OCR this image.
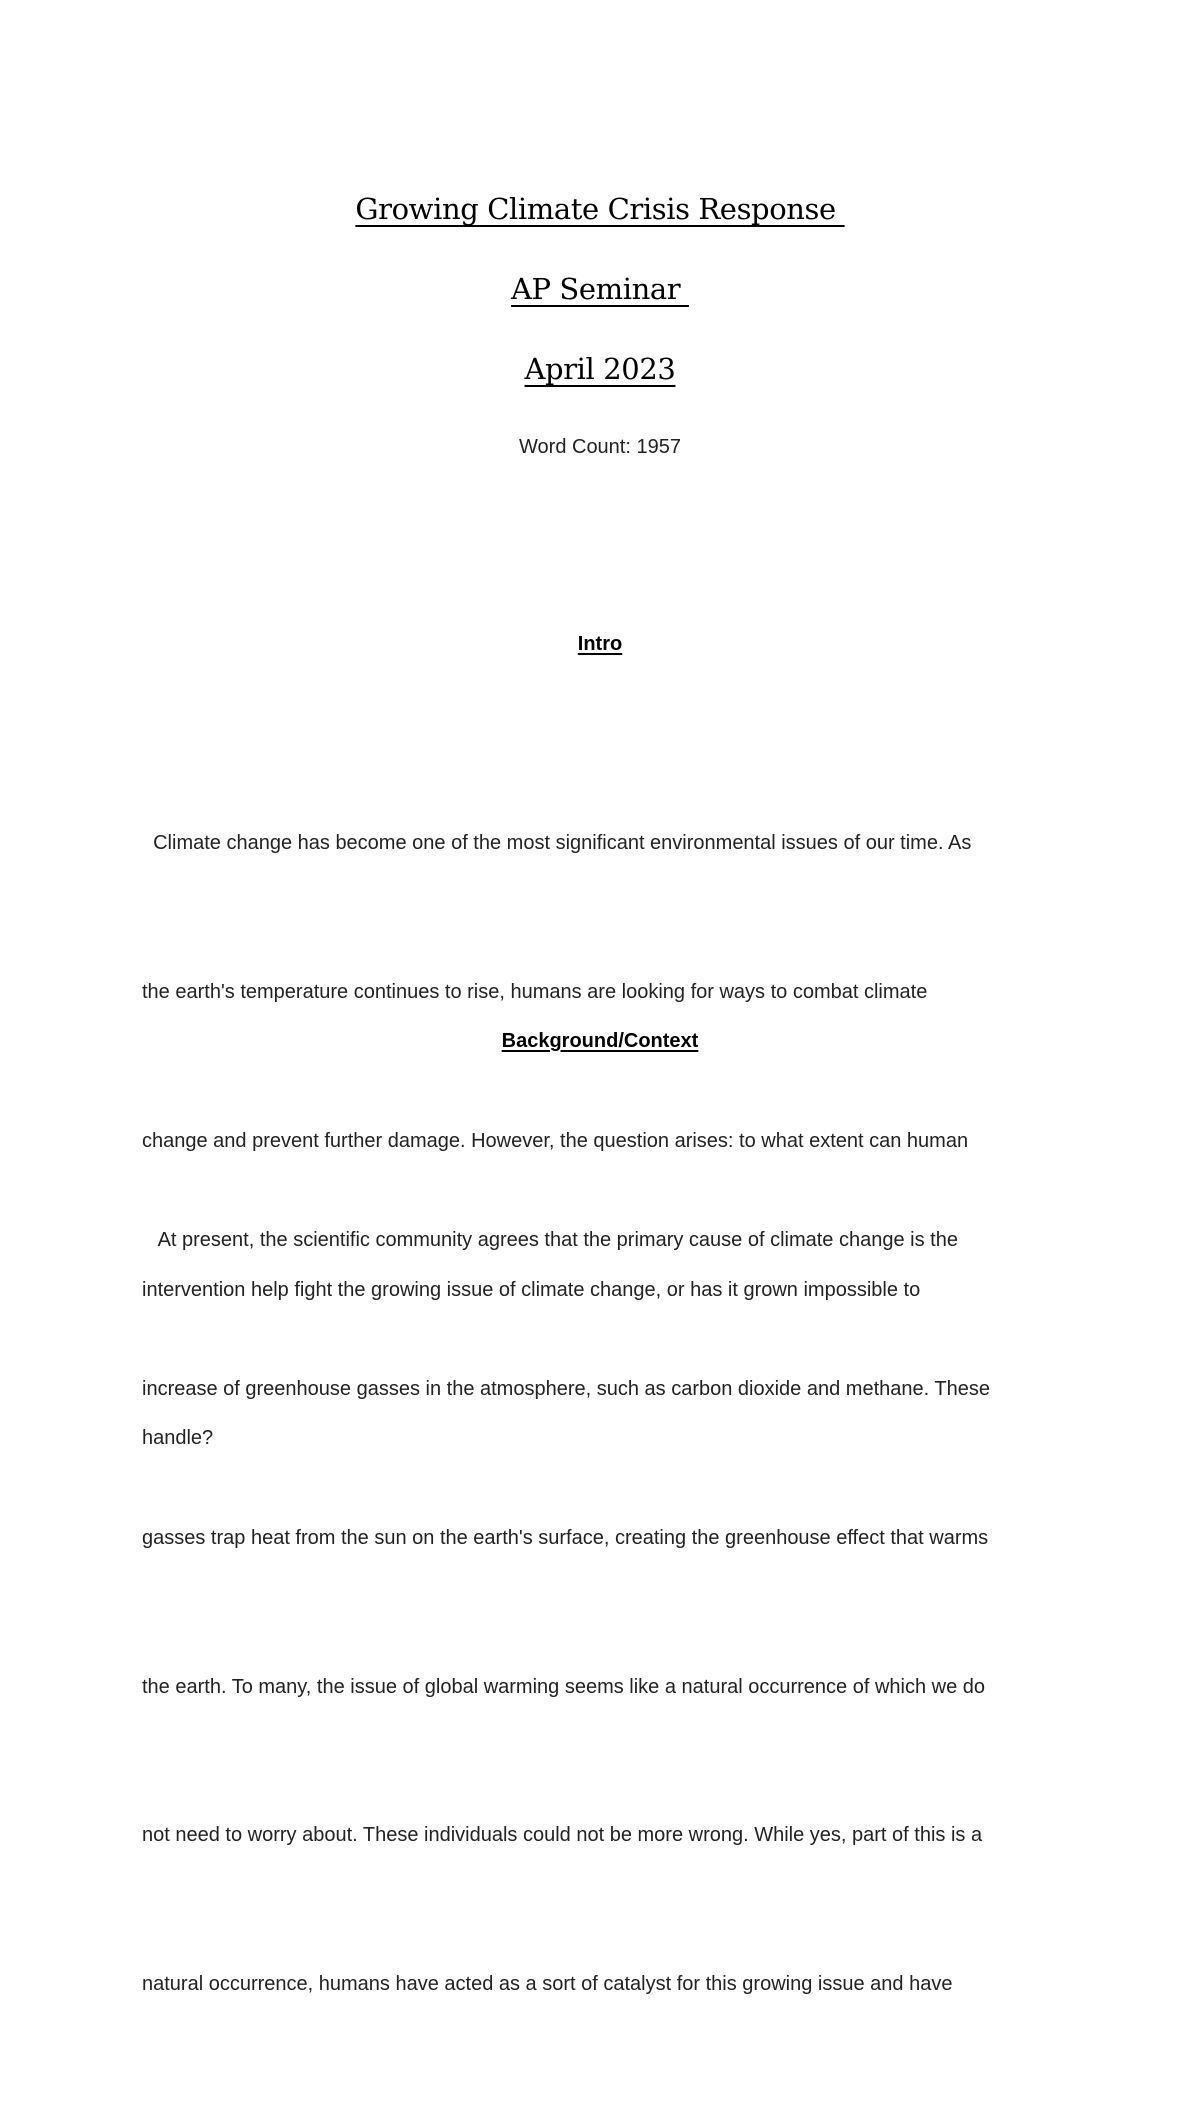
Growing Climate Crisis Response
AP Seminar
April 2023
Word Count: 1957
Intro

Climate change has become one of the most significant environmental issues of our time. As

the earth's temperature continues to rise, humans are looking for ways to combat climate

change and prevent further damage. However, the question arises: to what extent can human

intervention help fight the growing issue of climate change, or has it grown impossible to

handle?

Background/Context

At present, the scientific community agrees that the primary cause of climate change is the

increase of greenhouse gasses in the atmosphere, such as carbon dioxide and methane. These

gasses trap heat from the sun on the earth's surface, creating the greenhouse effect that warms

the earth. To many, the issue of global warming seems like a natural occurrence of which we do

not need to worry about. These individuals could not be more wrong. While yes, part of this is a

natural occurrence, humans have acted as a sort of catalyst for this growing issue and have
